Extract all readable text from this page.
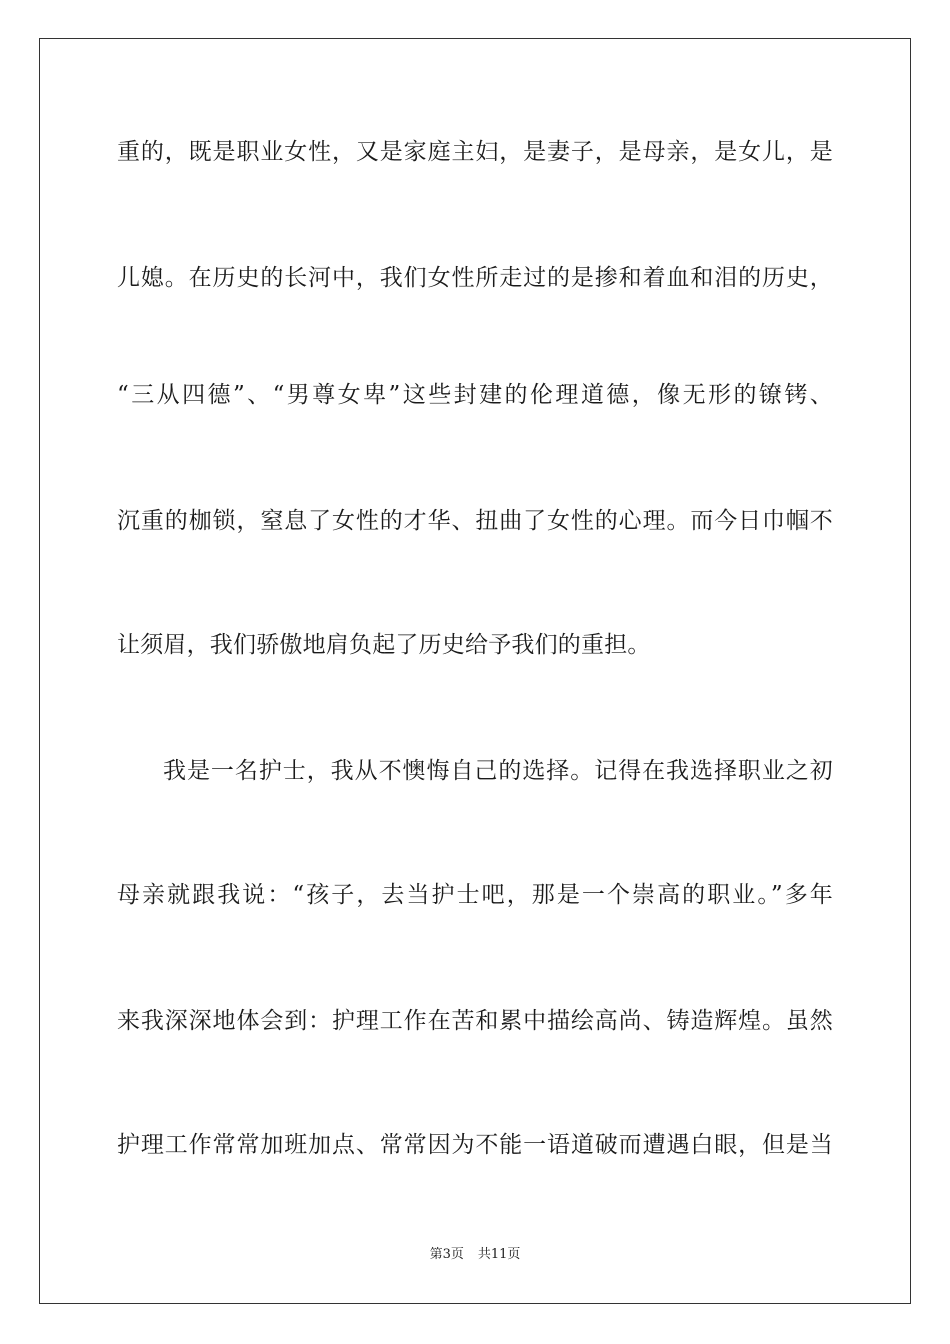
重的，既是职业女性，又是家庭主妇，是妻子，是母亲，是女儿，是
儿媳。在历史的长河中，我们女性所走过的是掺和着血和泪的历史，
“三从四德”、“男尊女卑”这些封建的伦理道德，像无形的镣铐、
沉重的枷锁，窒息了女性的才华、扭曲了女性的心理。而今日巾帼不
让须眉，我们骄傲地肩负起了历史给予我们的重担。
我是一名护士，我从不懊悔自己的选择。记得在我选择职业之初
母亲就跟我说：“孩子，去当护士吧，那是一个崇高的职业。”多年
来我深深地体会到：护理工作在苦和累中描绘高尚、铸造辉煌。虽然
护理工作常常加班加点、常常因为不能一语道破而遭遇白眼，但是当
第3页 共11页
